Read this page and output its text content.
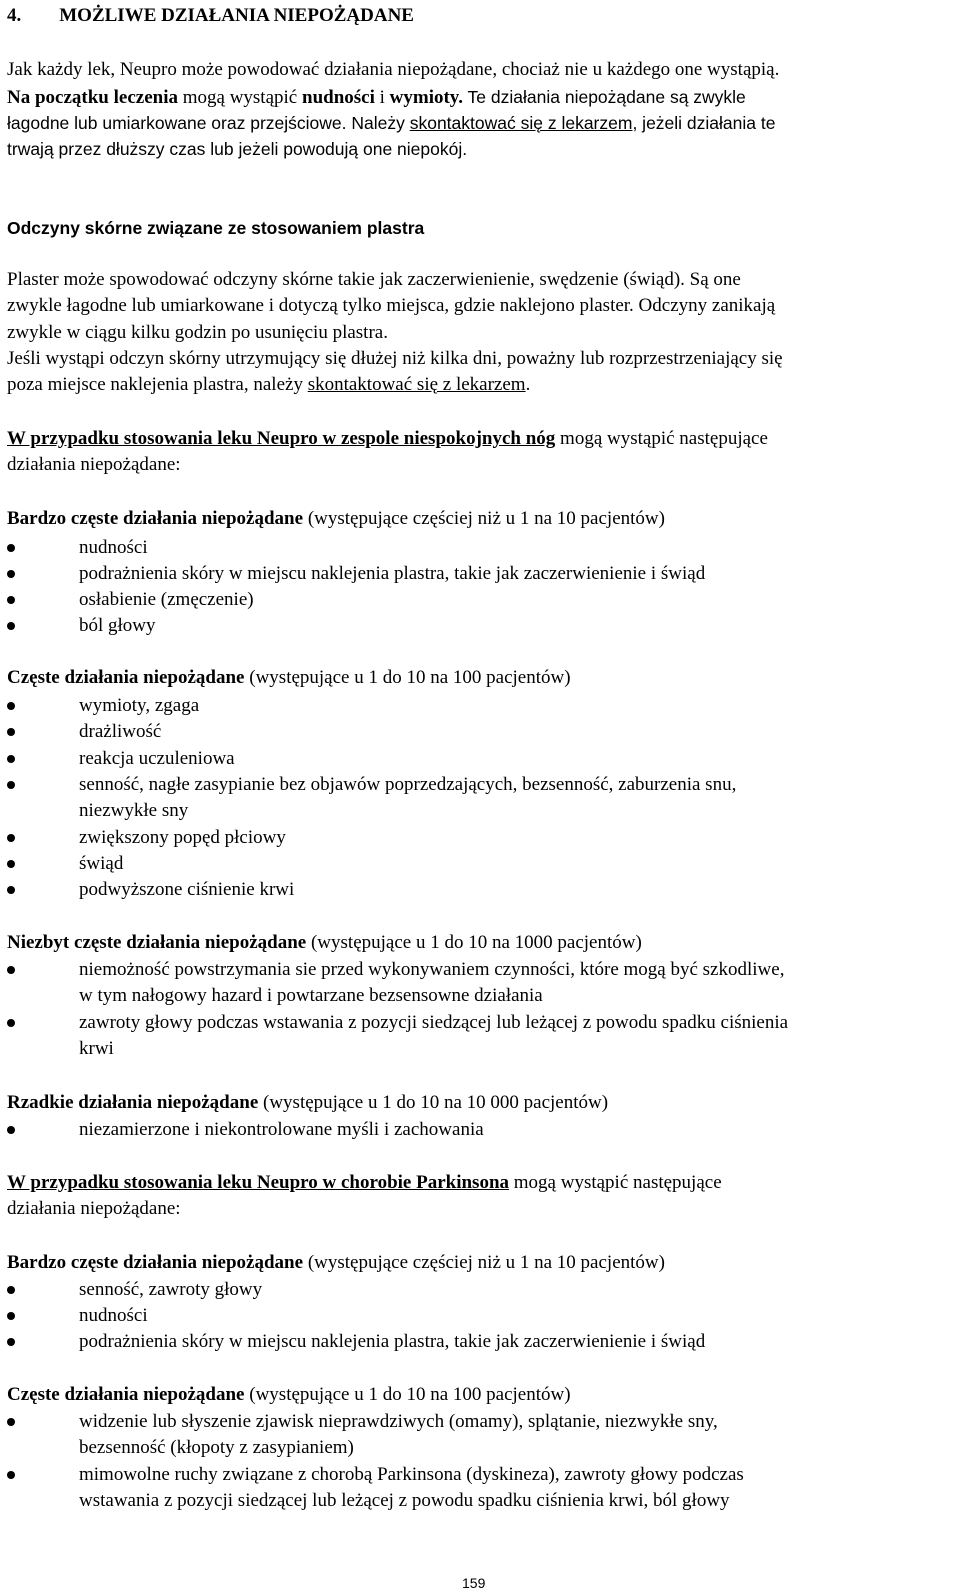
4. MOŻLIWE DZIAŁANIA NIEPOŻĄDANE
Jak każdy lek, Neupro może powodować działania niepożądane, chociaż nie u każdego one wystąpią.
Na początku leczenia mogą wystąpić nudności i wymioty. Te działania niepożądane są zwykle
łagodne lub umiarkowane oraz przejściowe. Należy skontaktować się z lekarzem, jeżeli działania te
trwają przez dłuższy czas lub jeżeli powodują one niepokój.
Odczyny skórne związane ze stosowaniem plastra
Plaster może spowodować odczyny skórne takie jak zaczerwienienie, swędzenie (świąd). Są one
zwykle łagodne lub umiarkowane i dotyczą tylko miejsca, gdzie naklejono plaster. Odczyny zanikają
zwykle w ciągu kilku godzin po usunięciu plastra.
Jeśli wystąpi odczyn skórny utrzymujący się dłużej niż kilka dni, poważny lub rozprzestrzeniający się
poza miejsce naklejenia plastra, należy skontaktować się z lekarzem.
W przypadku stosowania leku Neupro w zespole niespokojnych nóg mogą wystąpić następujące
działania niepożądane:
Bardzo częste działania niepożądane (występujące częściej niż u 1 na 10 pacjentów)
nudności
podrażnienia skóry w miejscu naklejenia plastra, takie jak zaczerwienienie i świąd
osłabienie (zmęczenie)
ból głowy
Częste działania niepożądane (występujące u 1 do 10 na 100 pacjentów)
wymioty, zgaga
drażliwość
reakcja uczuleniowa
senność, nagłe zasypianie bez objawów poprzedzających, bezsenność, zaburzenia snu,
niezwykłe sny
zwiększony popęd płciowy
świąd
podwyższone ciśnienie krwi
Niezbyt częste działania niepożądane (występujące u 1 do 10 na 1000 pacjentów)
niemożność powstrzymania sie przed wykonywaniem czynności, które mogą być szkodliwe,
w tym nałogowy hazard i powtarzane bezsensowne działania
zawroty głowy podczas wstawania z pozycji siedzącej lub leżącej z powodu spadku ciśnienia
krwi
Rzadkie działania niepożądane (występujące u 1 do 10 na 10 000 pacjentów)
niezamierzone i niekontrolowane myśli i zachowania
W przypadku stosowania leku Neupro w chorobie Parkinsona mogą wystąpić następujące
działania niepożądane:
Bardzo częste działania niepożądane (występujące częściej niż u 1 na 10 pacjentów)
senność, zawroty głowy
nudności
podrażnienia skóry w miejscu naklejenia plastra, takie jak zaczerwienienie i świąd
Częste działania niepożądane (występujące u 1 do 10 na 100 pacjentów)
widzenie lub słyszenie zjawisk nieprawdziwych (omamy), splątanie, niezwykłe sny,
bezsenność (kłopoty z zasypianiem)
mimowolne ruchy związane z chorobą Parkinsona (dyskineza), zawroty głowy podczas
wstawania z pozycji siedzącej lub leżącej z powodu spadku ciśnienia krwi, ból głowy
159
